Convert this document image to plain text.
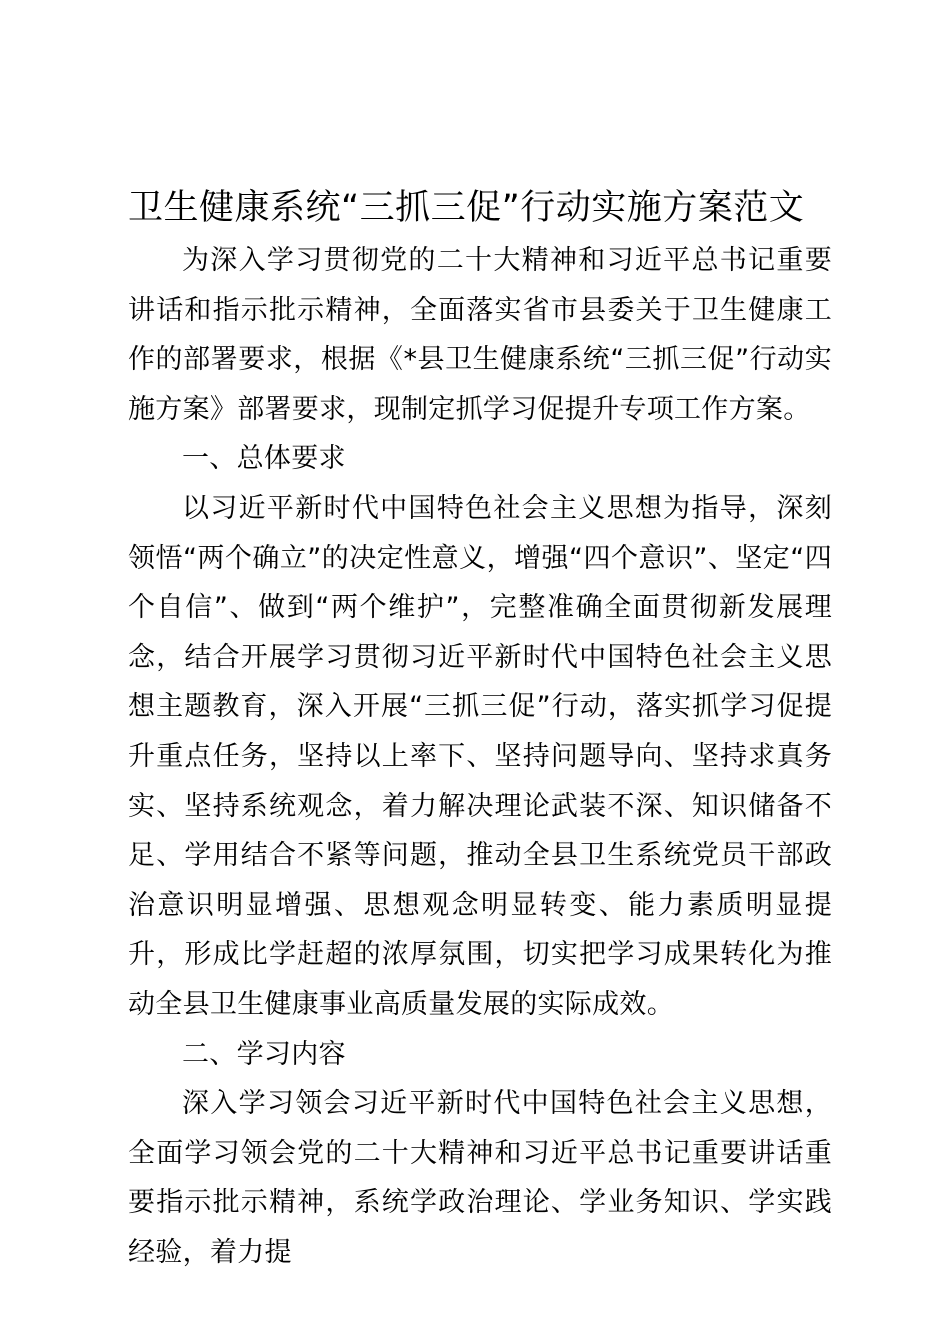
卫生健康系统“三抓三促”行动实施方案范文

为深入学习贯彻党的二十大精神和习近平总书记重要讲话和指示批示精神，全面落实省市县委关于卫生健康工作的部署要求，根据《*县卫生健康系统“三抓三促”行动实施方案》部署要求，现制定抓学习促提升专项工作方案。

一、总体要求

以习近平新时代中国特色社会主义思想为指导，深刻领悟“两个确立”的决定性意义，增强“四个意识”、坚定“四个自信”、做到“两个维护”，完整准确全面贯彻新发展理念，结合开展学习贯彻习近平新时代中国特色社会主义思想主题教育，深入开展“三抓三促”行动，落实抓学习促提升重点任务，坚持以上率下、坚持问题导向、坚持求真务实、坚持系统观念，着力解决理论武装不深、知识储备不足、学用结合不紧等问题，推动全县卫生系统党员干部政治意识明显增强、思想观念明显转变、能力素质明显提升，形成比学赶超的浓厚氛围，切实把学习成果转化为推动全县卫生健康事业高质量发展的实际成效。

二、学习内容

深入学习领会习近平新时代中国特色社会主义思想，全面学习领会党的二十大精神和习近平总书记重要讲话重要指示批示精神，系统学政治理论、学业务知识、学实践经验，着力提
